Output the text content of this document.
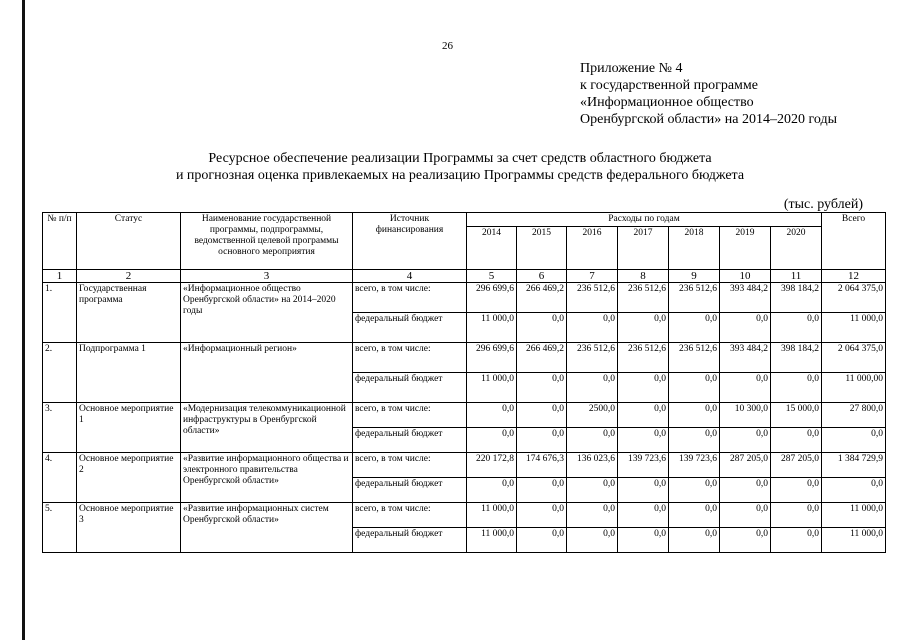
26
Приложение № 4
к государственной программе
«Информационное общество
Оренбургской области» на 2014–2020 годы
Ресурсное обеспечение реализации Программы за счет средств областного бюджета
и прогнозная оценка привлекаемых на реализацию Программы средств федерального бюджета
(тыс. рублей)
№ п/п	Статус	Наименование государственной программы, подпрограммы, ведомственной целевой программы основного мероприятия	Источник финансирования	Расходы по годам							Всего
				2014	2015	2016	2017	2018	2019	2020	
1	2	3	4	5	6	7	8	9	10	11	12
1.	Государственная программа	«Информационное общество Оренбургской области» на 2014–2020 годы	всего, в том числе:	296 699,6	266 469,2	236 512,6	236 512,6	236 512,6	393 484,2	398 184,2	2 064 375,0
			федеральный бюджет	11 000,0	0,0	0,0	0,0	0,0	0,0	0,0	11 000,0
2.	Подпрограмма 1	«Информационный регион»	всего, в том числе:	296 699,6	266 469,2	236 512,6	236 512,6	236 512,6	393 484,2	398 184,2	2 064 375,0
			федеральный бюджет	11 000,0	0,0	0,0	0,0	0,0	0,0	0,0	11 000,00
3.	Основное мероприятие 1	«Модернизация телекоммуникационной инфраструктуры в Оренбургской области»	всего, в том числе:	0,0	0,0	2500,0	0,0	0,0	10 300,0	15 000,0	27 800,0
			федеральный бюджет	0,0	0,0	0,0	0,0	0,0	0,0	0,0	0,0
4.	Основное мероприятие 2	«Развитие информационного общества и электронного правительства Оренбургской области»	всего, в том числе:	220 172,8	174 676,3	136 023,6	139 723,6	139 723,6	287 205,0	287 205,0	1 384 729,9
			федеральный бюджет	0,0	0,0	0,0	0,0	0,0	0,0	0,0	0,0
5.	Основное мероприятие 3	«Развитие информационных систем Оренбургской области»	всего, в том числе:	11 000,0	0,0	0,0	0,0	0,0	0,0	0,0	11 000,0
			федеральный бюджет	11 000,0	0,0	0,0	0,0	0,0	0,0	0,0	11 000,0
